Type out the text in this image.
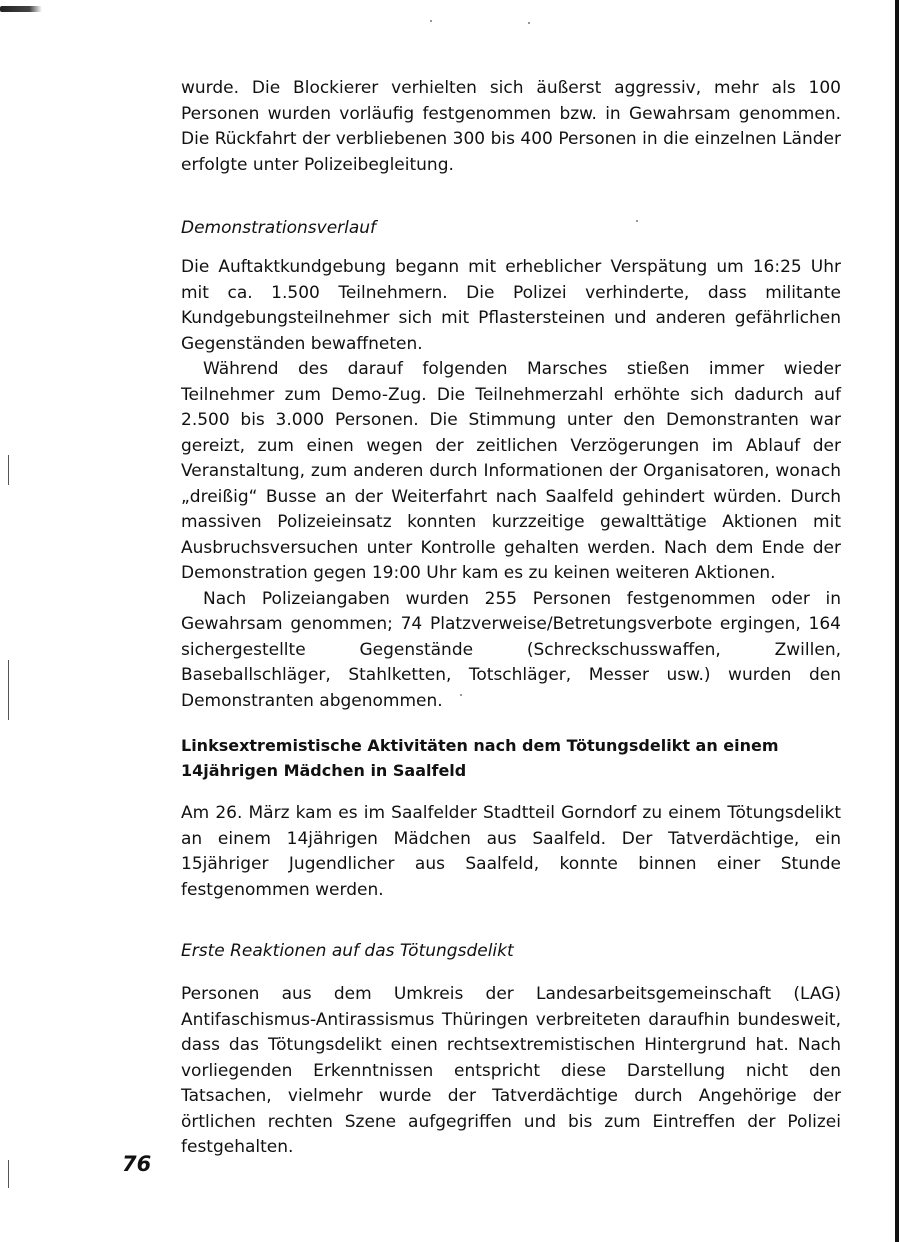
wurde. Die Blockierer verhielten sich äußerst aggressiv, mehr als 100 Personen wurden vorläufig festgenommen bzw. in Gewahrsam genommen. Die Rückfahrt der verbliebenen 300 bis 400 Personen in die einzelnen Länder erfolgte unter Polizeibegleitung.

Demonstrationsverlauf

Die Auftaktkundgebung begann mit erheblicher Verspätung um 16:25 Uhr mit ca. 1.500 Teilnehmern. Die Polizei verhinderte, dass militante Kundgebungsteilnehmer sich mit Pflastersteinen und anderen gefährlichen Gegenständen bewaffneten.

Während des darauf folgenden Marsches stießen immer wieder Teilnehmer zum Demo-Zug. Die Teilnehmerzahl erhöhte sich dadurch auf 2.500 bis 3.000 Personen. Die Stimmung unter den Demonstranten war gereizt, zum einen wegen der zeitlichen Verzögerungen im Ablauf der Veranstaltung, zum anderen durch Informationen der Organisatoren, wonach „dreißig“ Busse an der Weiterfahrt nach Saalfeld gehindert würden. Durch massiven Polizeieinsatz konnten kurzzeitige gewalttätige Aktionen mit Ausbruchsversuchen unter Kontrolle gehalten werden. Nach dem Ende der Demonstration gegen 19:00 Uhr kam es zu keinen weiteren Aktionen.

Nach Polizeiangaben wurden 255 Personen festgenommen oder in Gewahrsam genommen; 74 Platzverweise/Betretungsverbote ergingen, 164 sichergestellte Gegenstände (Schreckschusswaffen, Zwillen, Baseballschläger, Stahlketten, Totschläger, Messer usw.) wurden den Demonstranten abgenommen.

Linksextremistische Aktivitäten nach dem Tötungsdelikt an einem 14jährigen Mädchen in Saalfeld

Am 26. März kam es im Saalfelder Stadtteil Gorndorf zu einem Tötungsdelikt an einem 14jährigen Mädchen aus Saalfeld. Der Tatverdächtige, ein 15jähriger Jugendlicher aus Saalfeld, konnte binnen einer Stunde festgenommen werden.

Erste Reaktionen auf das Tötungsdelikt

Personen aus dem Umkreis der Landesarbeitsgemeinschaft (LAG) Antifaschismus-Antirassismus Thüringen verbreiteten daraufhin bundesweit, dass das Tötungsdelikt einen rechtsextremistischen Hintergrund hat. Nach vorliegenden Erkenntnissen entspricht diese Darstellung nicht den Tatsachen, vielmehr wurde der Tatverdächtige durch Angehörige der örtlichen rechten Szene aufgegriffen und bis zum Eintreffen der Polizei festgehalten.

76
